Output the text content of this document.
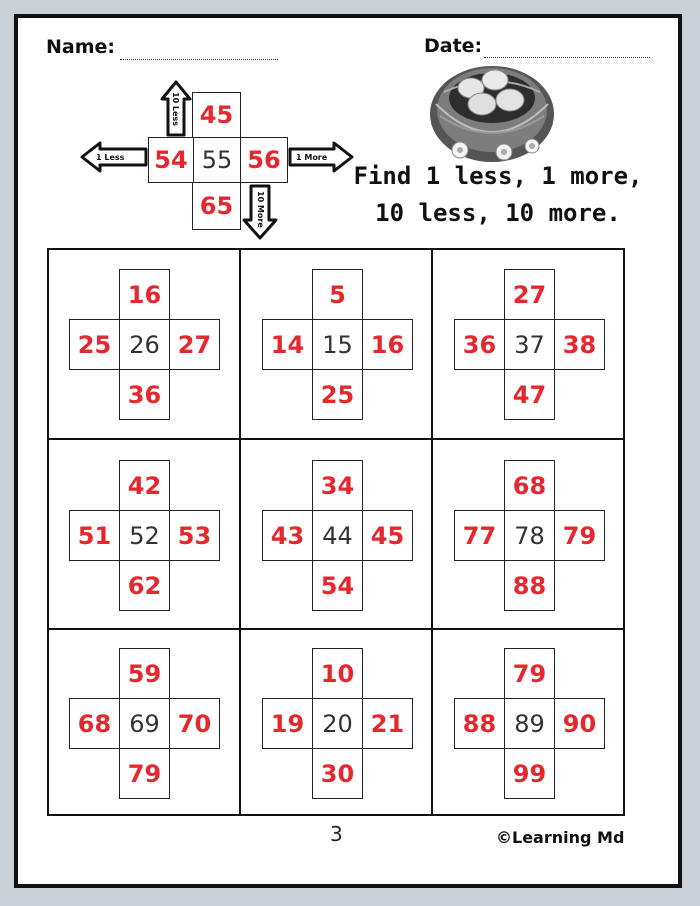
Name:	Date:
45
54 55 56
65
10 Less
1 Less	1 More
10 More
Find 1 less, 1 more,
10 less, 10 more.
16
25 26 27
36
5
14 15 16
25
27
36 37 38
47
42
51 52 53
62
34
43 44 45
54
68
77 78 79
88
59
68 69 70
79
10
19 20 21
30
79
88 89 90
99
3	©Learning Md
